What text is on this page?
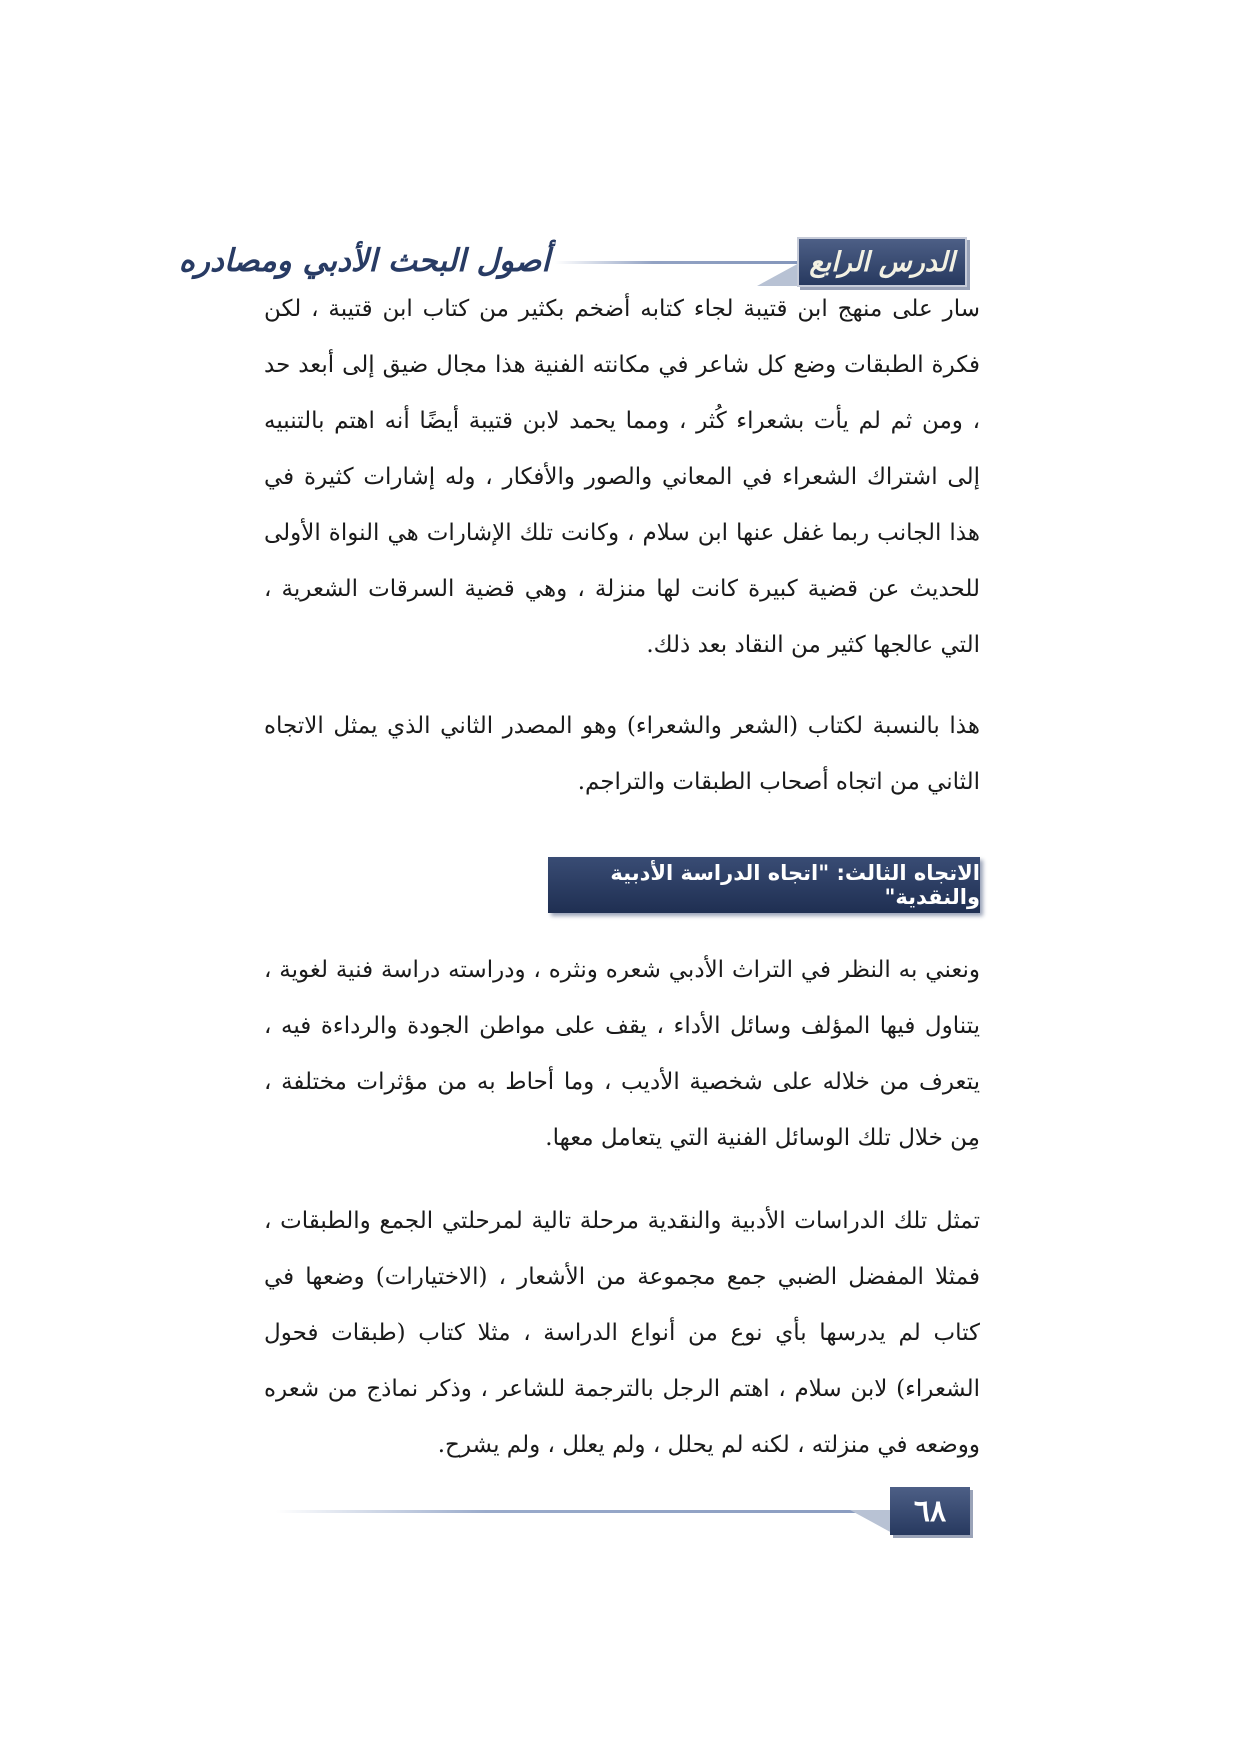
أصول البحث الأدبي ومصادره	الدرس الرابع

سار على منهج ابن قتيبة لجاء كتابه أضخم بكثير من كتاب ابن قتيبة ، لكن فكرة الطبقات وضع كل شاعر في مكانته الفنية هذا مجال ضيق إلى أبعد حد ، ومن ثم لم يأت بشعراء كُثر ، ومما يحمد لابن قتيبة أيضًا أنه اهتم بالتنبيه إلى اشتراك الشعراء في المعاني والصور والأفكار ، وله إشارات كثيرة في هذا الجانب ربما غفل عنها ابن سلام ، وكانت تلك الإشارات هي النواة الأولى للحديث عن قضية كبيرة كانت لها منزلة ، وهي قضية السرقات الشعرية ، التي عالجها كثير من النقاد بعد ذلك.

هذا بالنسبة لكتاب (الشعر والشعراء) وهو المصدر الثاني الذي يمثل الاتجاه الثاني من اتجاه أصحاب الطبقات والتراجم.

الاتجاه الثالث: "اتجاه الدراسة الأدبية والنقدية"

ونعني به النظر في التراث الأدبي شعره ونثره ، ودراسته دراسة فنية لغوية ، يتناول فيها المؤلف وسائل الأداء ، يقف على مواطن الجودة والرداءة فيه ، يتعرف من خلاله على شخصية الأديب ، وما أحاط به من مؤثرات مختلفة ، مِن خلال تلك الوسائل الفنية التي يتعامل معها.

تمثل تلك الدراسات الأدبية والنقدية مرحلة تالية لمرحلتي الجمع والطبقات ، فمثلا المفضل الضبي جمع مجموعة من الأشعار ، (الاختيارات) وضعها في كتاب لم يدرسها بأي نوع من أنواع الدراسة ، مثلا كتاب (طبقات فحول الشعراء) لابن سلام ، اهتم الرجل بالترجمة للشاعر ، وذكر نماذج من شعره ووضعه في منزلته ، لكنه لم يحلل ، ولم يعلل ، ولم يشرح.

٦٨
